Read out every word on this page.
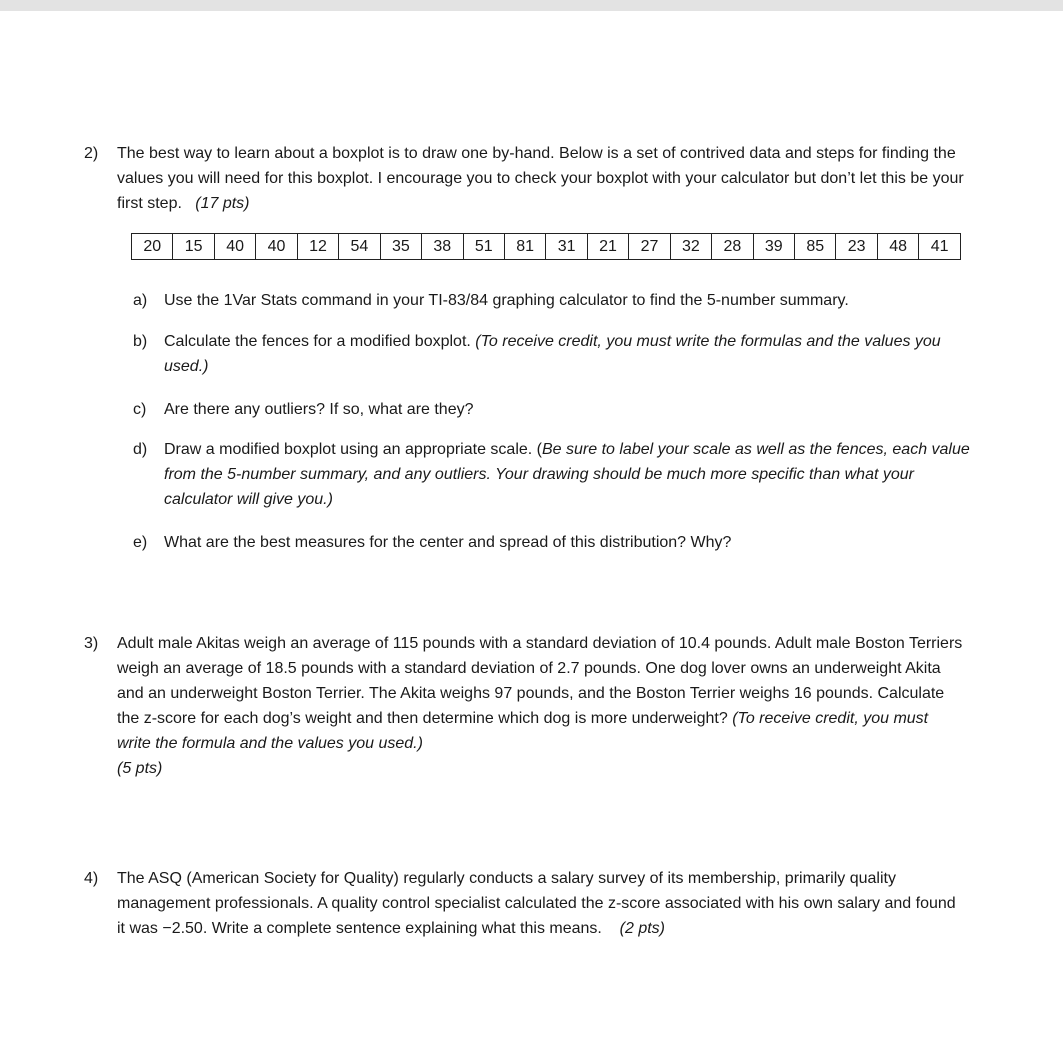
2) The best way to learn about a boxplot is to draw one by-hand. Below is a set of contrived data and steps for finding the values you will need for this boxplot. I encourage you to check your boxplot with your calculator but don’t let this be your first step. (17 pts)
20	15	40	40	12	54	35	38	51	81	31	21	27	32	28	39	85	23	48	41
a) Use the 1Var Stats command in your TI-83/84 graphing calculator to find the 5-number summary.
b) Calculate the fences for a modified boxplot. (To receive credit, you must write the formulas and the values you used.)
c) Are there any outliers? If so, what are they?
d) Draw a modified boxplot using an appropriate scale. (Be sure to label your scale as well as the fences, each value from the 5-number summary, and any outliers. Your drawing should be much more specific than what your calculator will give you.)
e) What are the best measures for the center and spread of this distribution? Why?
3) Adult male Akitas weigh an average of 115 pounds with a standard deviation of 10.4 pounds. Adult male Boston Terriers weigh an average of 18.5 pounds with a standard deviation of 2.7 pounds. One dog lover owns an underweight Akita and an underweight Boston Terrier. The Akita weighs 97 pounds, and the Boston Terrier weighs 16 pounds. Calculate the z-score for each dog’s weight and then determine which dog is more underweight? (To receive credit, you must write the formula and the values you used.)
(5 pts)
4) The ASQ (American Society for Quality) regularly conducts a salary survey of its membership, primarily quality management professionals. A quality control specialist calculated the z-score associated with his own salary and found it was −2.50. Write a complete sentence explaining what this means. (2 pts)
